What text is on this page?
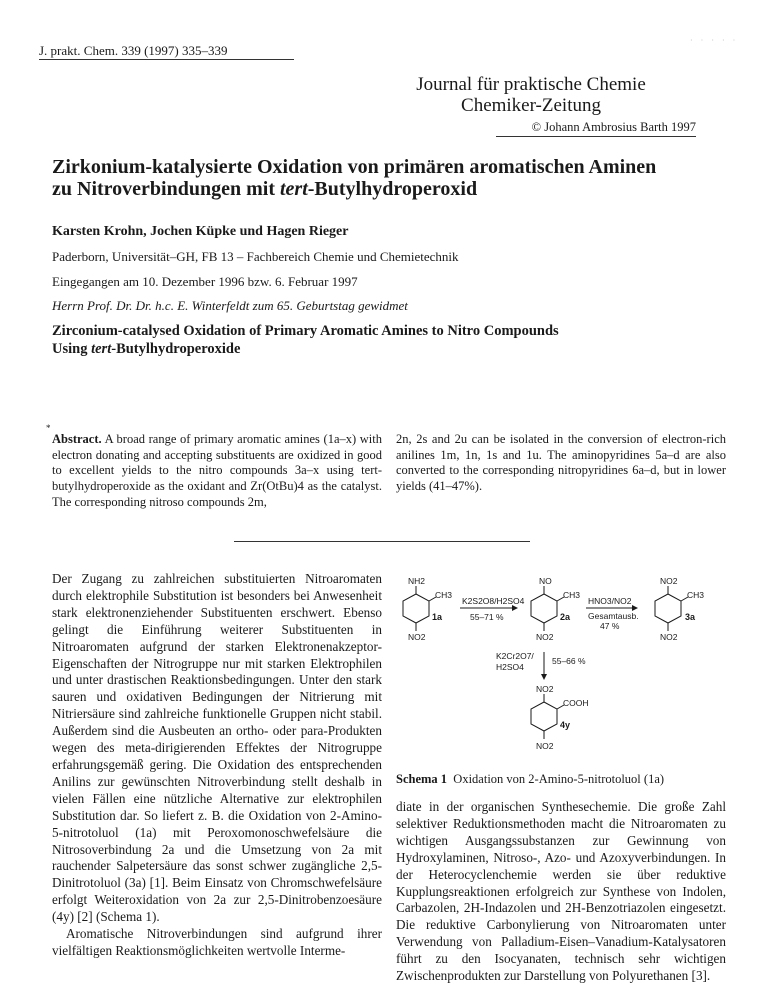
J. prakt. Chem. 339 (1997) 335–339
· · · · ·
Journal für praktische Chemie
Chemiker-Zeitung
© Johann Ambrosius Barth 1997
Zirkonium-katalysierte Oxidation von primären aromatischen Aminen
zu Nitroverbindungen mit tert-Butylhydroperoxid
Karsten Krohn, Jochen Küpke und Hagen Rieger
Paderborn, Universität–GH, FB 13 – Fachbereich Chemie und Chemietechnik
Eingegangen am 10. Dezember 1996 bzw. 6. Februar 1997
Herrn Prof. Dr. Dr. h.c. E. Winterfeldt zum 65. Geburtstag gewidmet
Zirconium-catalysed Oxidation of Primary Aromatic Amines to Nitro Compounds
Using tert-Butylhydroperoxide
*
Abstract. A broad range of primary aromatic amines (1a–x) with electron donating and accepting substituents are oxidized in good to excellent yields to the nitro compounds 3a–x using tert-butylhydroperoxide as the oxidant and Zr(OtBu)4 as the catalyst. The corresponding nitroso compounds 2m,
2n, 2s and 2u can be isolated in the conversion of electron-rich anilines 1m, 1n, 1s and 1u. The aminopyridines 5a–d are also converted to the corresponding nitropyridines 6a–d, but in lower yields (41–47%).

Der Zugang zu zahlreichen substituierten Nitroaromaten durch elektrophile Substitution ist besonders bei Anwesenheit stark elektronenziehender Substituenten erschwert. Ebenso gelingt die Einführung weiterer Substituenten in Nitroaromaten aufgrund der starken Elektronenakzeptor-Eigenschaften der Nitrogruppe nur mit starken Elektrophilen und unter drastischen Reaktionsbedingungen. Unter den stark sauren und oxidativen Bedingungen der Nitrierung mit Nitriersäure sind zahlreiche funktionelle Gruppen nicht stabil. Außerdem sind die Ausbeuten an ortho- oder para-Produkten wegen des meta-dirigierenden Effektes der Nitrogruppe erfahrungsgemäß gering. Die Oxidation des entsprechenden Anilins zur gewünschten Nitroverbindung stellt deshalb in vielen Fällen eine nützliche Alternative zur elektrophilen Substitution dar. So liefert z. B. die Oxidation von 2-Amino-5-nitrotoluol (1a) mit Peroxomonoschwefelsäure die Nitrosoverbindung 2a und die Umsetzung von 2a mit rauchender Salpetersäure das sonst schwer zugängliche 2,5-Dinitrotoluol (3a) [1]. Beim Einsatz von Chromschwefelsäure erfolgt Weiteroxidation von 2a zur 2,5-Dinitrobenzoesäure (4y) [2] (Schema 1).

Aromatische Nitroverbindungen sind aufgrund ihrer vielfältigen Reaktionsmöglichkeiten wertvolle Interme-

NH2
CH3
NO2
NO
CH3
NO2
NO2
CH3
NO2
NO2
COOH
NO2
K2S2O8/H2SO4
55–71 %
HNO3/NO2
Gesamtausb.
47 %
K2Cr2O7/
H2SO4
55–66 %
1a	2a	3a
4y
Schema 1 Oxidation von 2-Amino-5-nitrotoluol (1a)

diate in der organischen Synthesechemie. Die große Zahl selektiver Reduktionsmethoden macht die Nitroaromaten zu wichtigen Ausgangssubstanzen zur Gewinnung von Hydroxylaminen, Nitroso-, Azo- und Azoxyverbindungen. In der Heterocyclenchemie werden sie über reduktive Kupplungsreaktionen erfolgreich zur Synthese von Indolen, Carbazolen, 2H-Indazolen und 2H-Benzotriazolen eingesetzt. Die reduktive Carbonylierung von Nitroaromaten unter Verwendung von Palladium-Eisen–Vanadium-Katalysatoren führt zu den Isocyanaten, technisch sehr wichtigen Zwischenprodukten zur Darstellung von Polyurethanen [3].
